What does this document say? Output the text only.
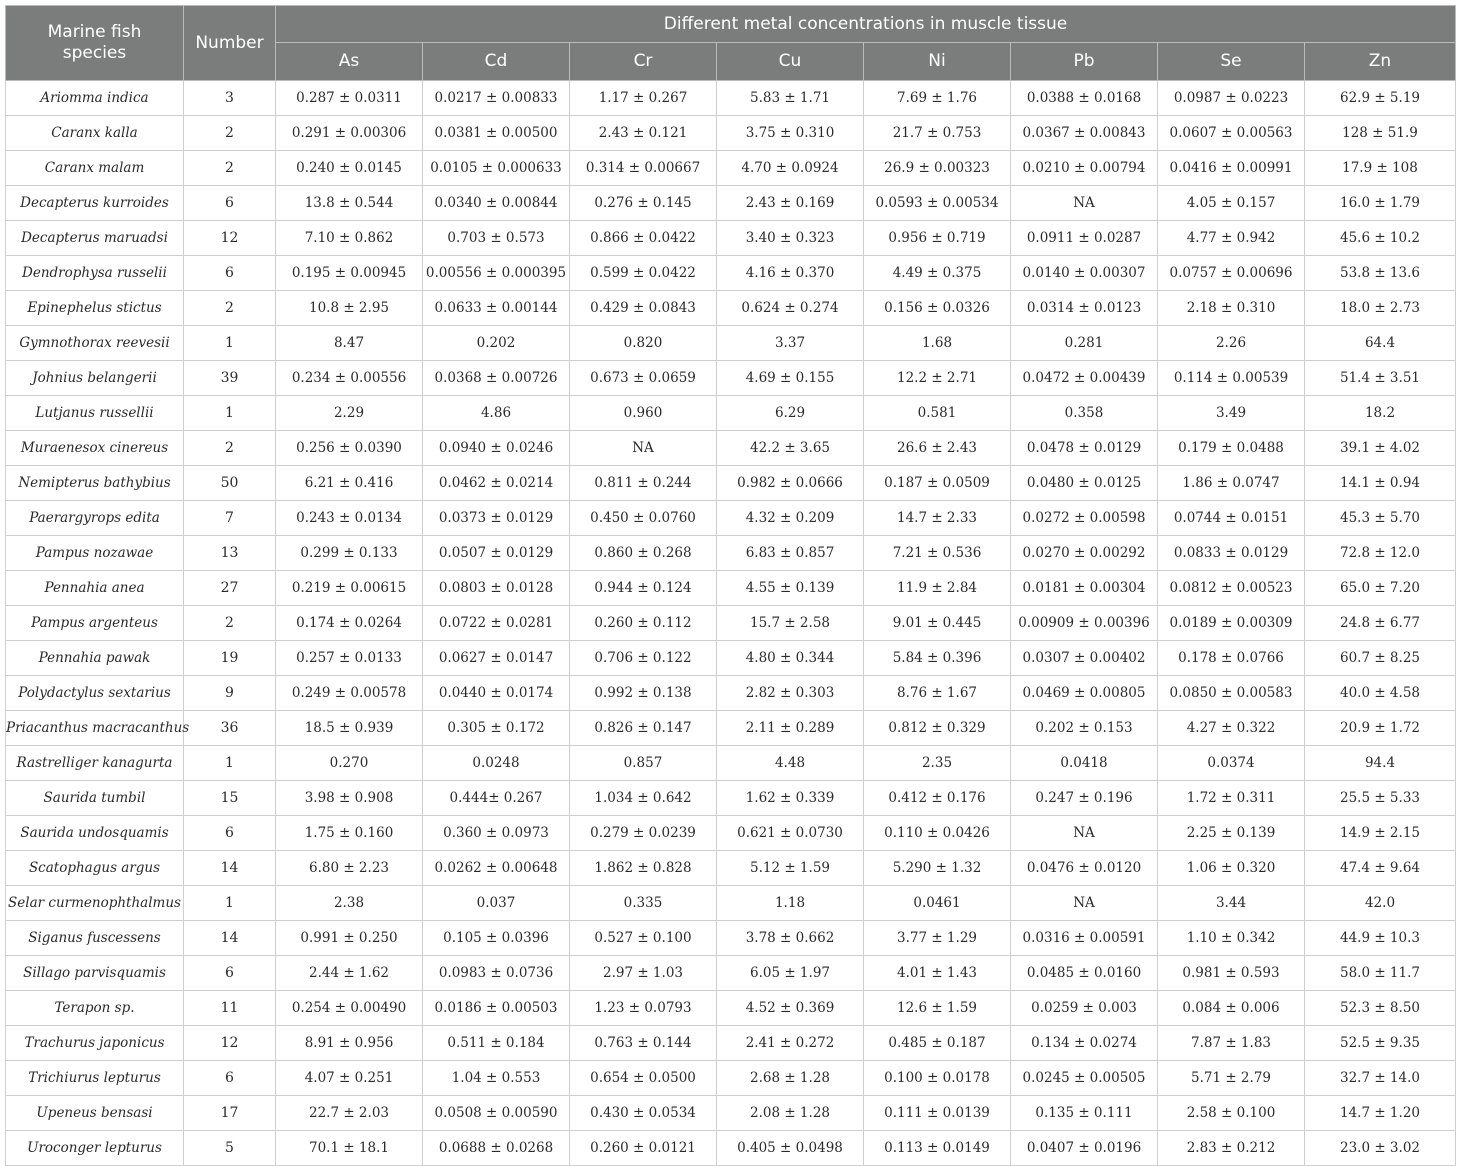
Marine fish species	Number	Different metal concentrations in muscle tissue							
		As	Cd	Cr	Cu	Ni	Pb	Se	Zn
Ariomma indica	3	0.287 ± 0.0311	0.0217 ± 0.00833	1.17 ± 0.267	5.83 ± 1.71	7.69 ± 1.76	0.0388 ± 0.0168	0.0987 ± 0.0223	62.9 ± 5.19
Caranx kalla	2	0.291 ± 0.00306	0.0381 ± 0.00500	2.43 ± 0.121	3.75 ± 0.310	21.7 ± 0.753	0.0367 ± 0.00843	0.0607 ± 0.00563	128 ± 51.9
Caranx malam	2	0.240 ± 0.0145	0.0105 ± 0.000633	0.314 ± 0.00667	4.70 ± 0.0924	26.9 ± 0.00323	0.0210 ± 0.00794	0.0416 ± 0.00991	17.9 ± 108
Decapterus kurroides	6	13.8 ± 0.544	0.0340 ± 0.00844	0.276 ± 0.145	2.43 ± 0.169	0.0593 ± 0.00534	NA	4.05 ± 0.157	16.0 ± 1.79
Decapterus maruadsi	12	7.10 ± 0.862	0.703 ± 0.573	0.866 ± 0.0422	3.40 ± 0.323	0.956 ± 0.719	0.0911 ± 0.0287	4.77 ± 0.942	45.6 ± 10.2
Dendrophysa russelii	6	0.195 ± 0.00945	0.00556 ± 0.000395	0.599 ± 0.0422	4.16 ± 0.370	4.49 ± 0.375	0.0140 ± 0.00307	0.0757 ± 0.00696	53.8 ± 13.6
Epinephelus stictus	2	10.8 ± 2.95	0.0633 ± 0.00144	0.429 ± 0.0843	0.624 ± 0.274	0.156 ± 0.0326	0.0314 ± 0.0123	2.18 ± 0.310	18.0 ± 2.73
Gymnothorax reevesii	1	8.47	0.202	0.820	3.37	1.68	0.281	2.26	64.4
Johnius belangerii	39	0.234 ± 0.00556	0.0368 ± 0.00726	0.673 ± 0.0659	4.69 ± 0.155	12.2 ± 2.71	0.0472 ± 0.00439	0.114 ± 0.00539	51.4 ± 3.51
Lutjanus russellii	1	2.29	4.86	0.960	6.29	0.581	0.358	3.49	18.2
Muraenesox cinereus	2	0.256 ± 0.0390	0.0940 ± 0.0246	NA	42.2 ± 3.65	26.6 ± 2.43	0.0478 ± 0.0129	0.179 ± 0.0488	39.1 ± 4.02
Nemipterus bathybius	50	6.21 ± 0.416	0.0462 ± 0.0214	0.811 ± 0.244	0.982 ± 0.0666	0.187 ± 0.0509	0.0480 ± 0.0125	1.86 ± 0.0747	14.1 ± 0.94
Paerargyrops edita	7	0.243 ± 0.0134	0.0373 ± 0.0129	0.450 ± 0.0760	4.32 ± 0.209	14.7 ± 2.33	0.0272 ± 0.00598	0.0744 ± 0.0151	45.3 ± 5.70
Pampus nozawae	13	0.299 ± 0.133	0.0507 ± 0.0129	0.860 ± 0.268	6.83 ± 0.857	7.21 ± 0.536	0.0270 ± 0.00292	0.0833 ± 0.0129	72.8 ± 12.0
Pennahia anea	27	0.219 ± 0.00615	0.0803 ± 0.0128	0.944 ± 0.124	4.55 ± 0.139	11.9 ± 2.84	0.0181 ± 0.00304	0.0812 ± 0.00523	65.0 ± 7.20
Pampus argenteus	2	0.174 ± 0.0264	0.0722 ± 0.0281	0.260 ± 0.112	15.7 ± 2.58	9.01 ± 0.445	0.00909 ± 0.00396	0.0189 ± 0.00309	24.8 ± 6.77
Pennahia pawak	19	0.257 ± 0.0133	0.0627 ± 0.0147	0.706 ± 0.122	4.80 ± 0.344	5.84 ± 0.396	0.0307 ± 0.00402	0.178 ± 0.0766	60.7 ± 8.25
Polydactylus sextarius	9	0.249 ± 0.00578	0.0440 ± 0.0174	0.992 ± 0.138	2.82 ± 0.303	8.76 ± 1.67	0.0469 ± 0.00805	0.0850 ± 0.00583	40.0 ± 4.58
Priacanthus macracanthus	36	18.5 ± 0.939	0.305 ± 0.172	0.826 ± 0.147	2.11 ± 0.289	0.812 ± 0.329	0.202 ± 0.153	4.27 ± 0.322	20.9 ± 1.72
Rastrelliger kanagurta	1	0.270	0.0248	0.857	4.48	2.35	0.0418	0.0374	94.4
Saurida tumbil	15	3.98 ± 0.908	0.444± 0.267	1.034 ± 0.642	1.62 ± 0.339	0.412 ± 0.176	0.247 ± 0.196	1.72 ± 0.311	25.5 ± 5.33
Saurida undosquamis	6	1.75 ± 0.160	0.360 ± 0.0973	0.279 ± 0.0239	0.621 ± 0.0730	0.110 ± 0.0426	NA	2.25 ± 0.139	14.9 ± 2.15
Scatophagus argus	14	6.80 ± 2.23	0.0262 ± 0.00648	1.862 ± 0.828	5.12 ± 1.59	5.290 ± 1.32	0.0476 ± 0.0120	1.06 ± 0.320	47.4 ± 9.64
Selar curmenophthalmus	1	2.38	0.037	0.335	1.18	0.0461	NA	3.44	42.0
Siganus fuscessens	14	0.991 ± 0.250	0.105 ± 0.0396	0.527 ± 0.100	3.78 ± 0.662	3.77 ± 1.29	0.0316 ± 0.00591	1.10 ± 0.342	44.9 ± 10.3
Sillago parvisquamis	6	2.44 ± 1.62	0.0983 ± 0.0736	2.97 ± 1.03	6.05 ± 1.97	4.01 ± 1.43	0.0485 ± 0.0160	0.981 ± 0.593	58.0 ± 11.7
Terapon sp.	11	0.254 ± 0.00490	0.0186 ± 0.00503	1.23 ± 0.0793	4.52 ± 0.369	12.6 ± 1.59	0.0259 ± 0.003	0.084 ± 0.006	52.3 ± 8.50
Trachurus japonicus	12	8.91 ± 0.956	0.511 ± 0.184	0.763 ± 0.144	2.41 ± 0.272	0.485 ± 0.187	0.134 ± 0.0274	7.87 ± 1.83	52.5 ± 9.35
Trichiurus lepturus	6	4.07 ± 0.251	1.04 ± 0.553	0.654 ± 0.0500	2.68 ± 1.28	0.100 ± 0.0178	0.0245 ± 0.00505	5.71 ± 2.79	32.7 ± 14.0
Upeneus bensasi	17	22.7 ± 2.03	0.0508 ± 0.00590	0.430 ± 0.0534	2.08 ± 1.28	0.111 ± 0.0139	0.135 ± 0.111	2.58 ± 0.100	14.7 ± 1.20
Uroconger lepturus	5	70.1 ± 18.1	0.0688 ± 0.0268	0.260 ± 0.0121	0.405 ± 0.0498	0.113 ± 0.0149	0.0407 ± 0.0196	2.83 ± 0.212	23.0 ± 3.02
